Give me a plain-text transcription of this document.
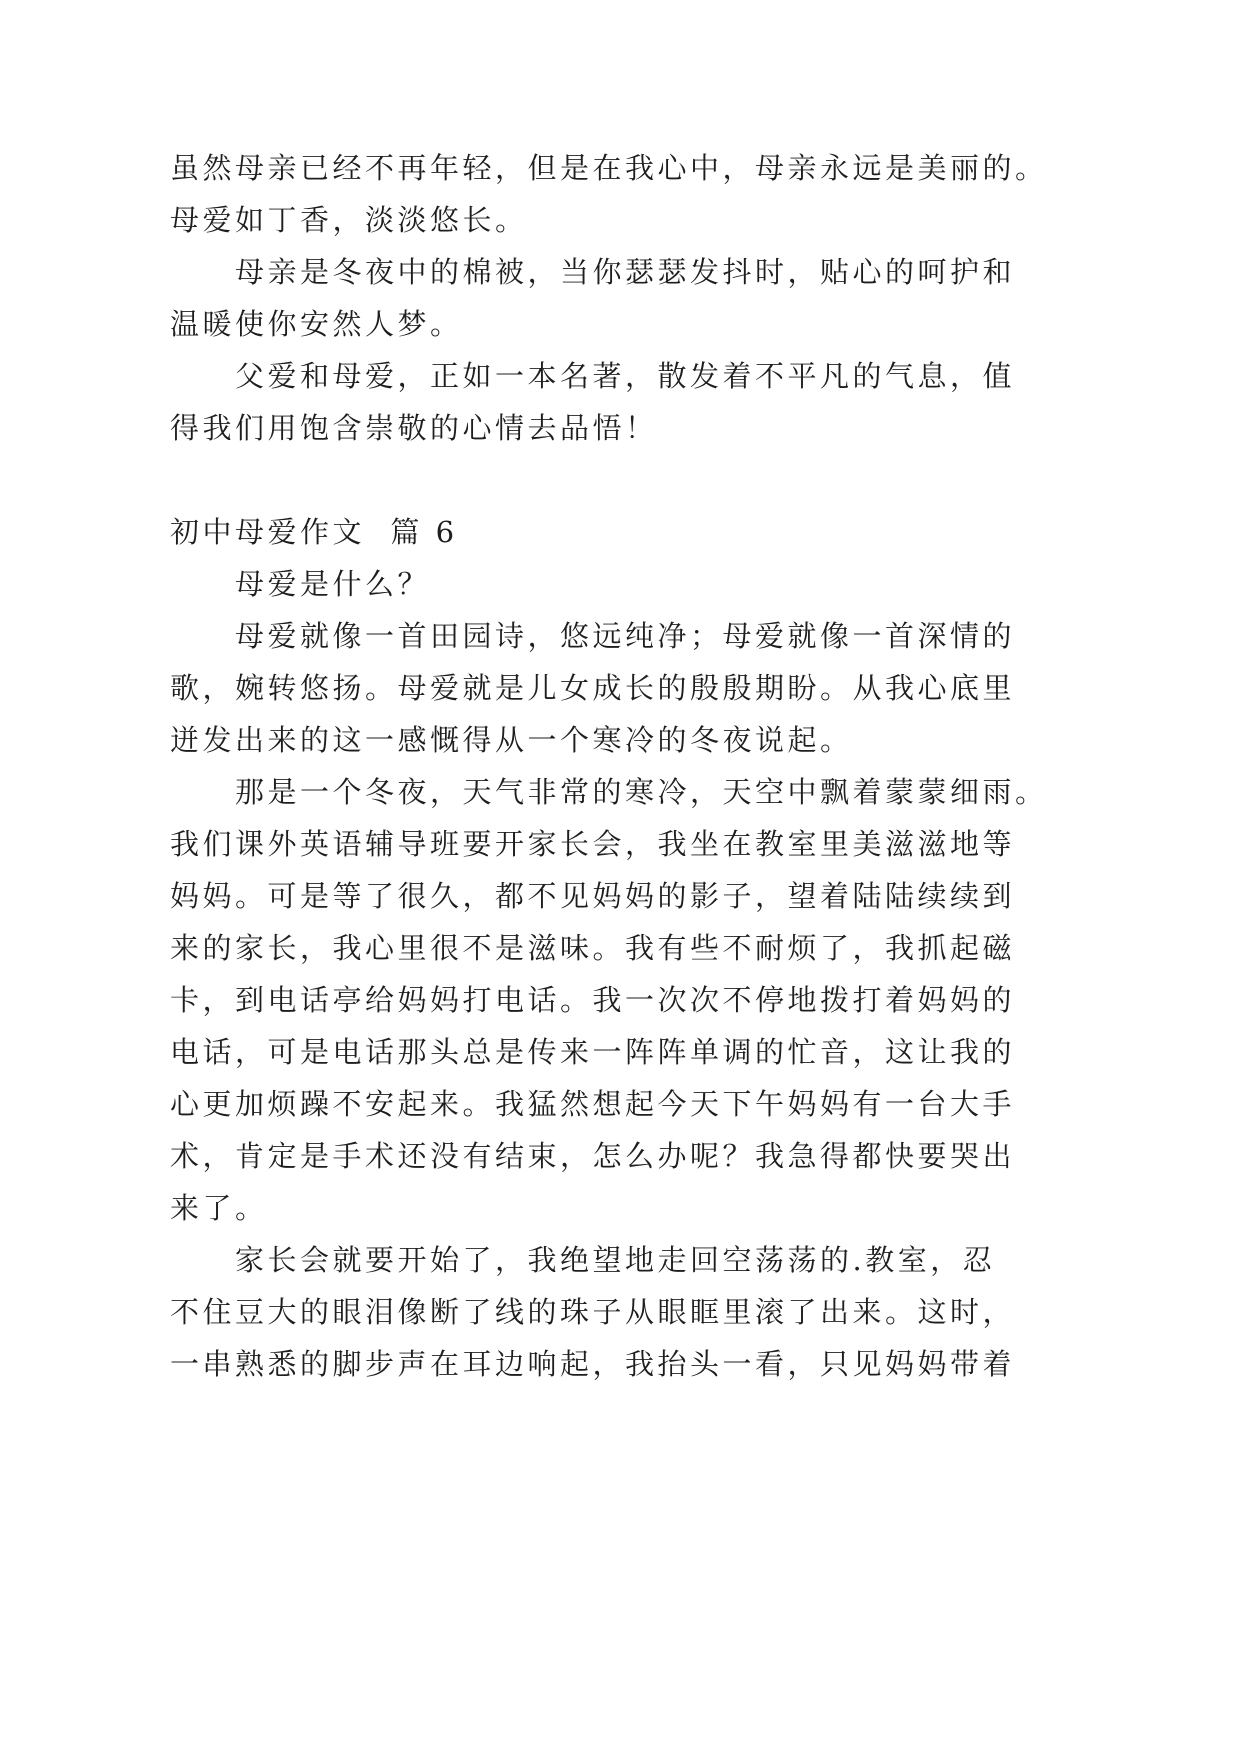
虽然母亲已经不再年轻，但是在我心中，母亲永远是美丽的。
母爱如丁香，淡淡悠长。
　　母亲是冬夜中的棉被，当你瑟瑟发抖时，贴心的呵护和
温暖使你安然人梦。
　　父爱和母爱，正如一本名著，散发着不平凡的气息，值
得我们用饱含崇敬的心情去品悟！
初中母爱作文  篇 6
　　母爱是什么？
　　母爱就像一首田园诗，悠远纯净；母爱就像一首深情的
歌，婉转悠扬。母爱就是儿女成长的殷殷期盼。从我心底里
迸发出来的这一感慨得从一个寒冷的冬夜说起。
　　那是一个冬夜，天气非常的寒冷，天空中飘着蒙蒙细雨。
我们课外英语辅导班要开家长会，我坐在教室里美滋滋地等
妈妈。可是等了很久，都不见妈妈的影子，望着陆陆续续到
来的家长，我心里很不是滋味。我有些不耐烦了，我抓起磁
卡，到电话亭给妈妈打电话。我一次次不停地拨打着妈妈的
电话，可是电话那头总是传来一阵阵单调的忙音，这让我的
心更加烦躁不安起来。我猛然想起今天下午妈妈有一台大手
术，肯定是手术还没有结束，怎么办呢？我急得都快要哭出
来了。
　　家长会就要开始了，我绝望地走回空荡荡的.教室，忍
不住豆大的眼泪像断了线的珠子从眼眶里滚了出来。这时，
一串熟悉的脚步声在耳边响起，我抬头一看，只见妈妈带着
